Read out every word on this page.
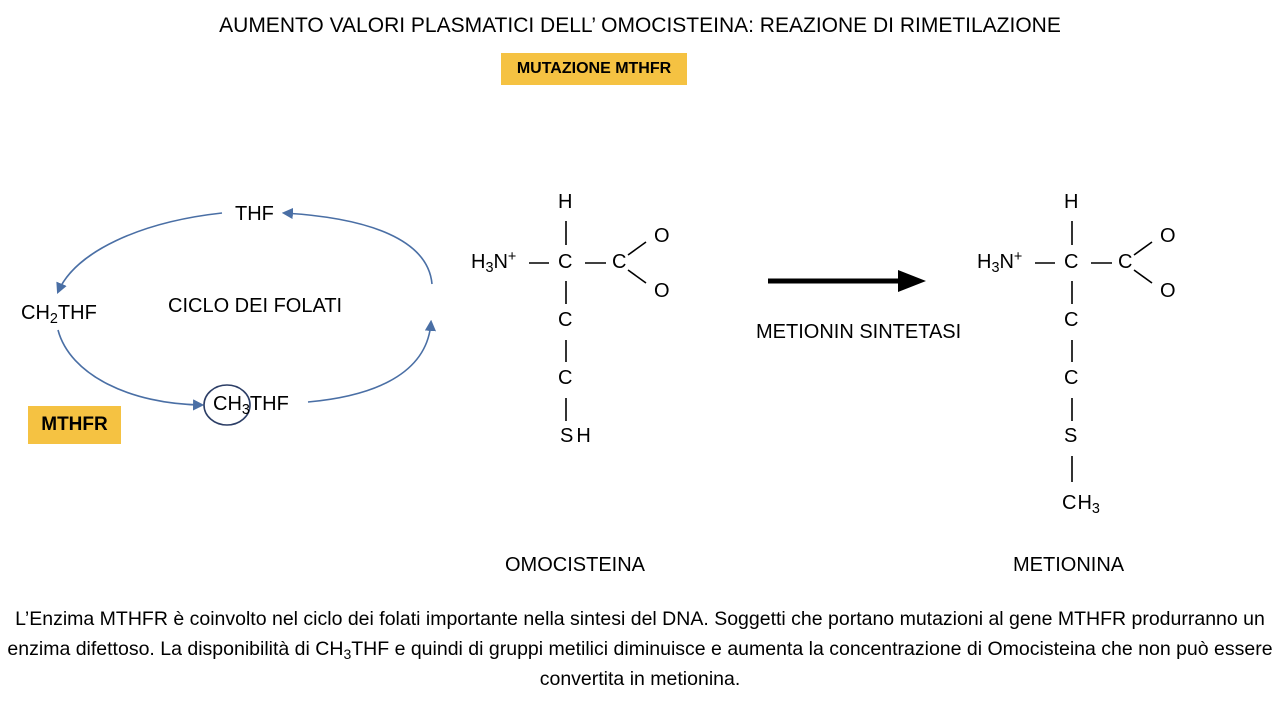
AUMENTO VALORI PLASMATICI DELL’ OMOCISTEINA: REAZIONE DI RIMETILAZIONE
MUTAZIONE MTHFR
THF
$CH_2THF$	CICLO DEI FOLATI
$CH_3THF$
MTHFR
H
$H_3N^+$ C C
O
O
C
C
S H
OMOCISTEINA
METIONIN SINTETASI
H
$H_3N^+$ C C
O
O
C
C
S
$CH_3$
METIONINA
L’Enzima MTHFR è coinvolto nel ciclo dei folati importante nella sintesi del DNA. Soggetti che portano mutazioni al gene MTHFR produrranno un enzima difettoso. La disponibilità di $CH_3THF$ e quindi di gruppi metilici diminuisce e aumenta la concentrazione di Omocisteina che non può essere convertita in metionina.
